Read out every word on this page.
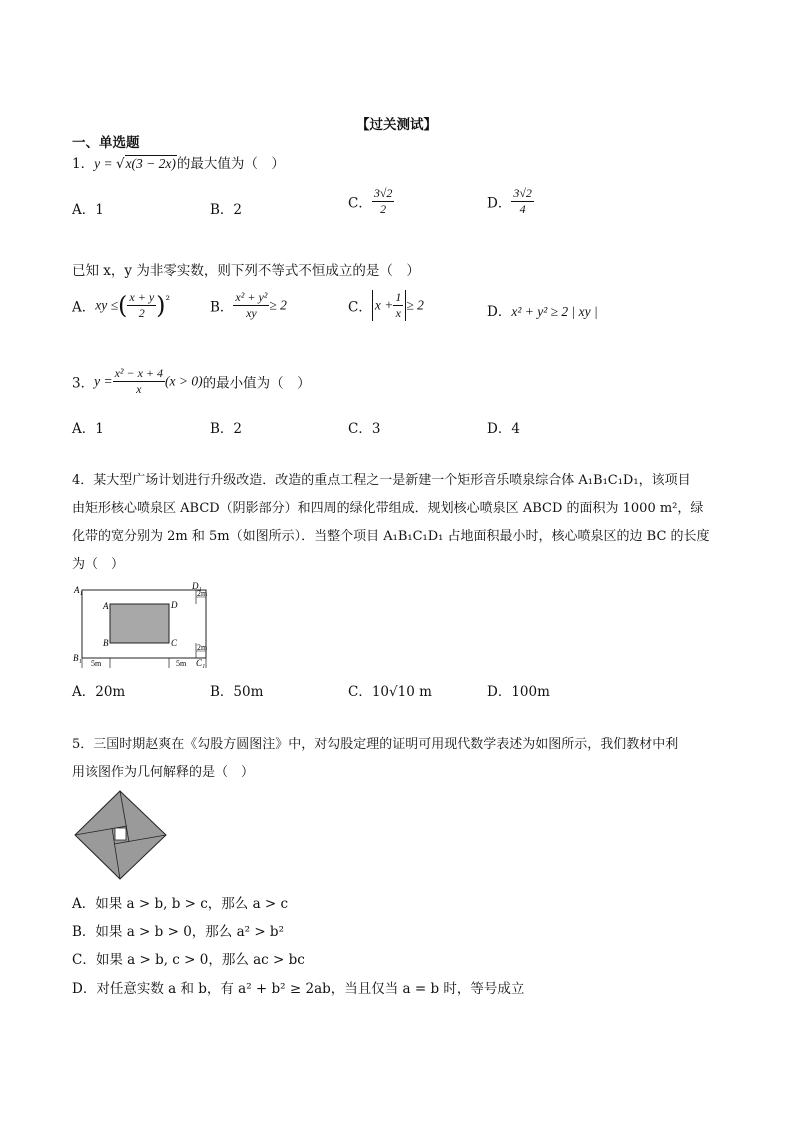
【过关测试】
一、单选题
1．y = √x(3 − 2x)的最大值为（　）
A．1	B．2	C． $\frac{3√2}{2}$	D． $\frac{3√2}{4}$
已知 x，y 为非零实数，则下列不等式不恒成立的是（　）
A．xy ≤( $\frac{x + y}{2} )^{^2}$	B． $\frac{\text{x² + y²}}{xy} \ge 2$	C． $x + \frac{1}{x} \ge 2$	D．x² + y² ≥ 2 | xy |
3．$y = \frac{\text{x² − x + 4}}{x} (x > 0)$的最小值为（　）
A．1	B．2	C．3	D．4
4．某大型广场计划进行升级改造．改造的重点工程之一是新建一个矩形音乐喷泉综合体 A₁B₁C₁D₁，该项目
由矩形核心喷泉区 ABCD（阴影部分）和四周的绿化带组成．规划核心喷泉区 ABCD 的面积为 1000 m²，绿
化带的宽分别为 2m 和 5m（如图所示）．当整个项目 A₁B₁C₁D₁ 占地面积最小时，核心喷泉区的边 BC 的长度
为（　）
A₁
B₁	C₁
D₁
A
B	C
D
2m
2m
5m	5m
A．20m	B．50m	C．10√10 m	D．100m
5．三国时期赵爽在《勾股方圆图注》中，对勾股定理的证明可用现代数学表述为如图所示，我们教材中利
用该图作为几何解释的是（　）
A．如果 a > b, b > c，那么 a > c
B．如果 a > b > 0，那么 a² > b²
C．如果 a > b, c > 0，那么 ac > bc
D．对任意实数 a 和 b，有 a² + b² ≥ 2ab，当且仅当 a = b 时，等号成立
